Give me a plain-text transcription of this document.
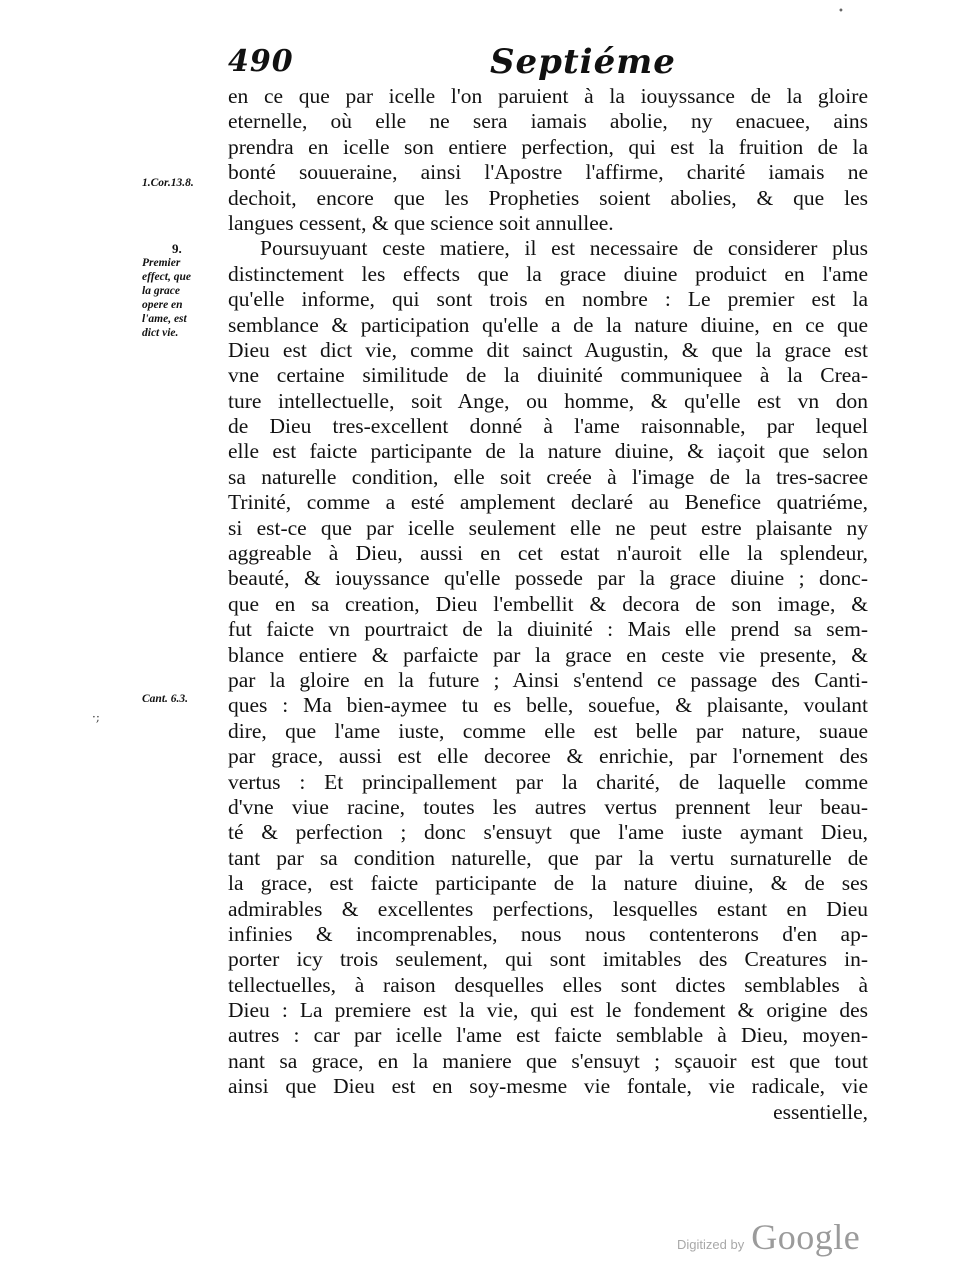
•
490	Septiéme
1.Cor.13.8.
9.
Premier
effect, que
la grace
opere en
l'ame, est
dict vie.
Cant. 6.3.
·;
en ce que par icelle l'on paruient à la iouyssance de la gloire
eternelle, où elle ne sera iamais abolie, ny enacuee, ains
prendra en icelle son entiere perfection, qui est la fruition de la
bonté souueraine, ainsi l'Apostre l'affirme, charité iamais ne
dechoit, encore que les Propheties soient abolies, & que les
langues cessent, & que science soit annullee.
Poursuyuant ceste matiere, il est necessaire de considerer plus
distinctement les effects que la grace diuine produict en l'ame
qu'elle informe, qui sont trois en nombre : Le premier est la
semblance & participation qu'elle a de la nature diuine, en ce que
Dieu est dict vie, comme dit sainct Augustin, & que la grace est
vne certaine similitude de la diuinité communiquee à la Crea-
ture intellectuelle, soit Ange, ou homme, & qu'elle est vn don
de Dieu tres-excellent donné à l'ame raisonnable, par lequel
elle est faicte participante de la nature diuine, & iaçoit que selon
sa naturelle condition, elle soit creée à l'image de la tres-sacree
Trinité, comme a esté amplement declaré au Benefice quatriéme,
si est-ce que par icelle seulement elle ne peut estre plaisante ny
aggreable à Dieu, aussi en cet estat n'auroit elle la splendeur,
beauté, & iouyssance qu'elle possede par la grace diuine ; donc-
que en sa creation, Dieu l'embellit & decora de son image, &
fut faicte vn pourtraict de la diuinité : Mais elle prend sa sem-
blance entiere & parfaicte par la grace en ceste vie presente, &
par la gloire en la future ; Ainsi s'entend ce passage des Canti-
ques : Ma bien-aymee tu es belle, souefue, & plaisante, voulant
dire, que l'ame iuste, comme elle est belle par nature, suaue
par grace, aussi est elle decoree & enrichie, par l'ornement des
vertus : Et principallement par la charité, de laquelle comme
d'vne viue racine, toutes les autres vertus prennent leur beau-
té & perfection ; donc s'ensuyt que l'ame iuste aymant Dieu,
tant par sa condition naturelle, que par la vertu surnaturelle de
la grace, est faicte participante de la nature diuine, & de ses
admirables & excellentes perfections, lesquelles estant en Dieu
infinies & incomprenables, nous nous contenterons d'en ap-
porter icy trois seulement, qui sont imitables des Creatures in-
tellectuelles, à raison desquelles elles sont dictes semblables à
Dieu : La premiere est la vie, qui est le fondement & origine des
autres : car par icelle l'ame est faicte semblable à Dieu, moyen-
nant sa grace, en la maniere que s'ensuyt ; sçauoir est que tout
ainsi que Dieu est en soy-mesme vie fontale, vie radicale, vie
essentielle,
Digitized by Google
